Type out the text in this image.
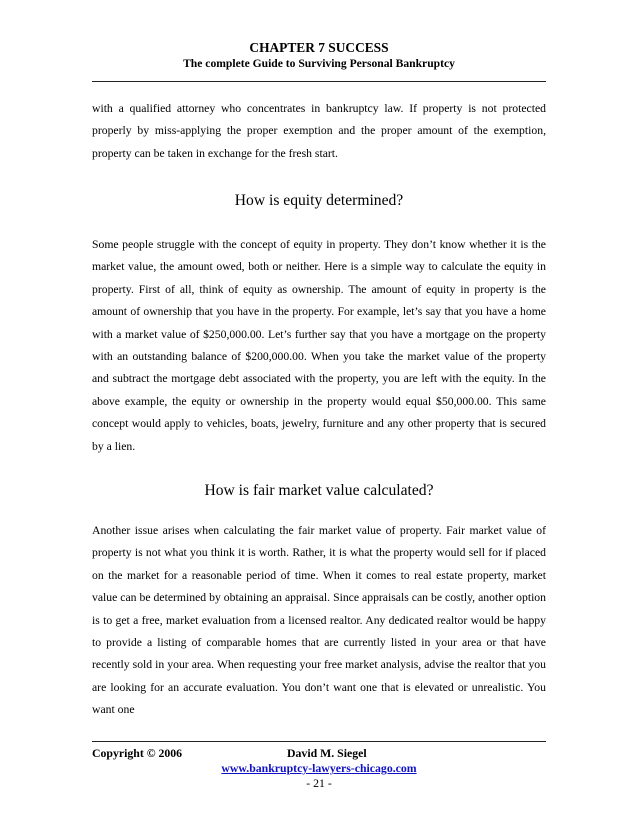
CHAPTER 7 SUCCESS
The complete Guide to Surviving Personal Bankruptcy

with a qualified attorney who concentrates in bankruptcy law. If property is not protected properly by miss-applying the proper exemption and the proper amount of the exemption, property can be taken in exchange for the fresh start.

How is equity determined?

Some people struggle with the concept of equity in property. They don’t know whether it is the market value, the amount owed, both or neither. Here is a simple way to calculate the equity in property. First of all, think of equity as ownership. The amount of equity in property is the amount of ownership that you have in the property. For example, let’s say that you have a home with a market value of $250,000.00. Let’s further say that you have a mortgage on the property with an outstanding balance of $200,000.00. When you take the market value of the property and subtract the mortgage debt associated with the property, you are left with the equity. In the above example, the equity or ownership in the property would equal $50,000.00. This same concept would apply to vehicles, boats, jewelry, furniture and any other property that is secured by a lien.

How is fair market value calculated?

Another issue arises when calculating the fair market value of property. Fair market value of property is not what you think it is worth. Rather, it is what the property would sell for if placed on the market for a reasonable period of time. When it comes to real estate property, market value can be determined by obtaining an appraisal. Since appraisals can be costly, another option is to get a free, market evaluation from a licensed realtor. Any dedicated realtor would be happy to provide a listing of comparable homes that are currently listed in your area or that have recently sold in your area. When requesting your free market analysis, advise the realtor that you are looking for an accurate evaluation. You don’t want one that is elevated or unrealistic. You want one

Copyright © 2006	David M. Siegel
www.bankruptcy-lawyers-chicago.com
- 21 -
